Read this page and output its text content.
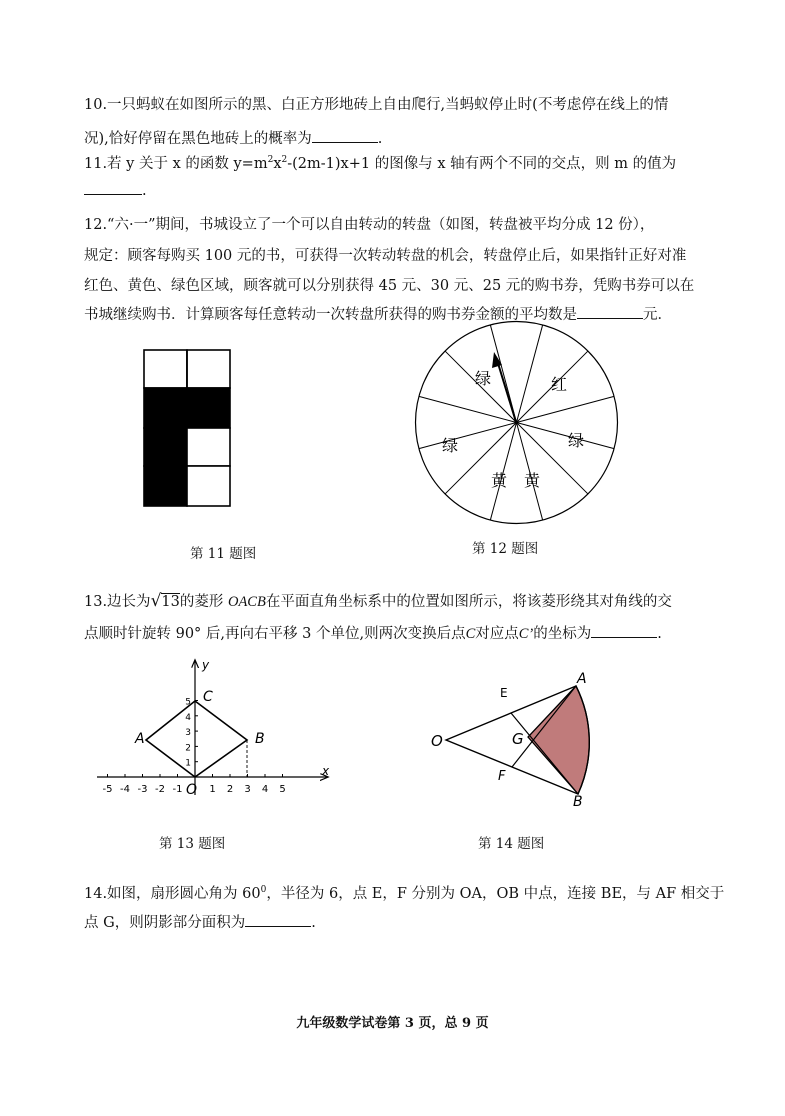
10.一只蚂蚁在如图所示的黑、白正方形地砖上自由爬行,当蚂蚁停止时(不考虑停在线上的情
况),恰好停留在黑色地砖上的概率为	.
11.若 y 关于 x 的函数 $y=m^2x^2-(2m-1)x+1$ 的图像与 x 轴有两个不同的交点，则 m 的值为
.
12.“六·一”期间，书城设立了一个可以自由转动的转盘（如图，转盘被平均分成 12 份），
规定：顾客每购买 100 元的书，可获得一次转动转盘的机会，转盘停止后，如果指针正好对准
红色、黄色、绿色区域，顾客就可以分别获得 45 元、30 元、25 元的购书券，凭购书券可以在
书城继续购书．计算顾客每任意转动一次转盘所获得的购书券金额的平均数是	元．
第 11 题图
绿	红
绿	绿
黄 黄
第 12 题图
13.边长为√13的菱形 OACB在平面直角坐标系中的位置如图所示，将该菱形绕其对角线的交
点顺时针旋转 90° 后,再向右平移 3 个单位,则两次变换后点C对应点C’的坐标为	.
-5 -4 -3 -2 -1	1 2 3 4 5
1
2
3
4
5
x
y
O
A	B
C
第 13 题图
O
A
B
E
F
G
第 14 题图
14.如图，扇形圆心角为 $60^0$，半径为 6，点 E，F 分别为 OA，OB 中点，连接 BE，与 AF 相交于
点 G，则阴影部分面积为	.
九年级数学试卷第 3 页，总 9 页
